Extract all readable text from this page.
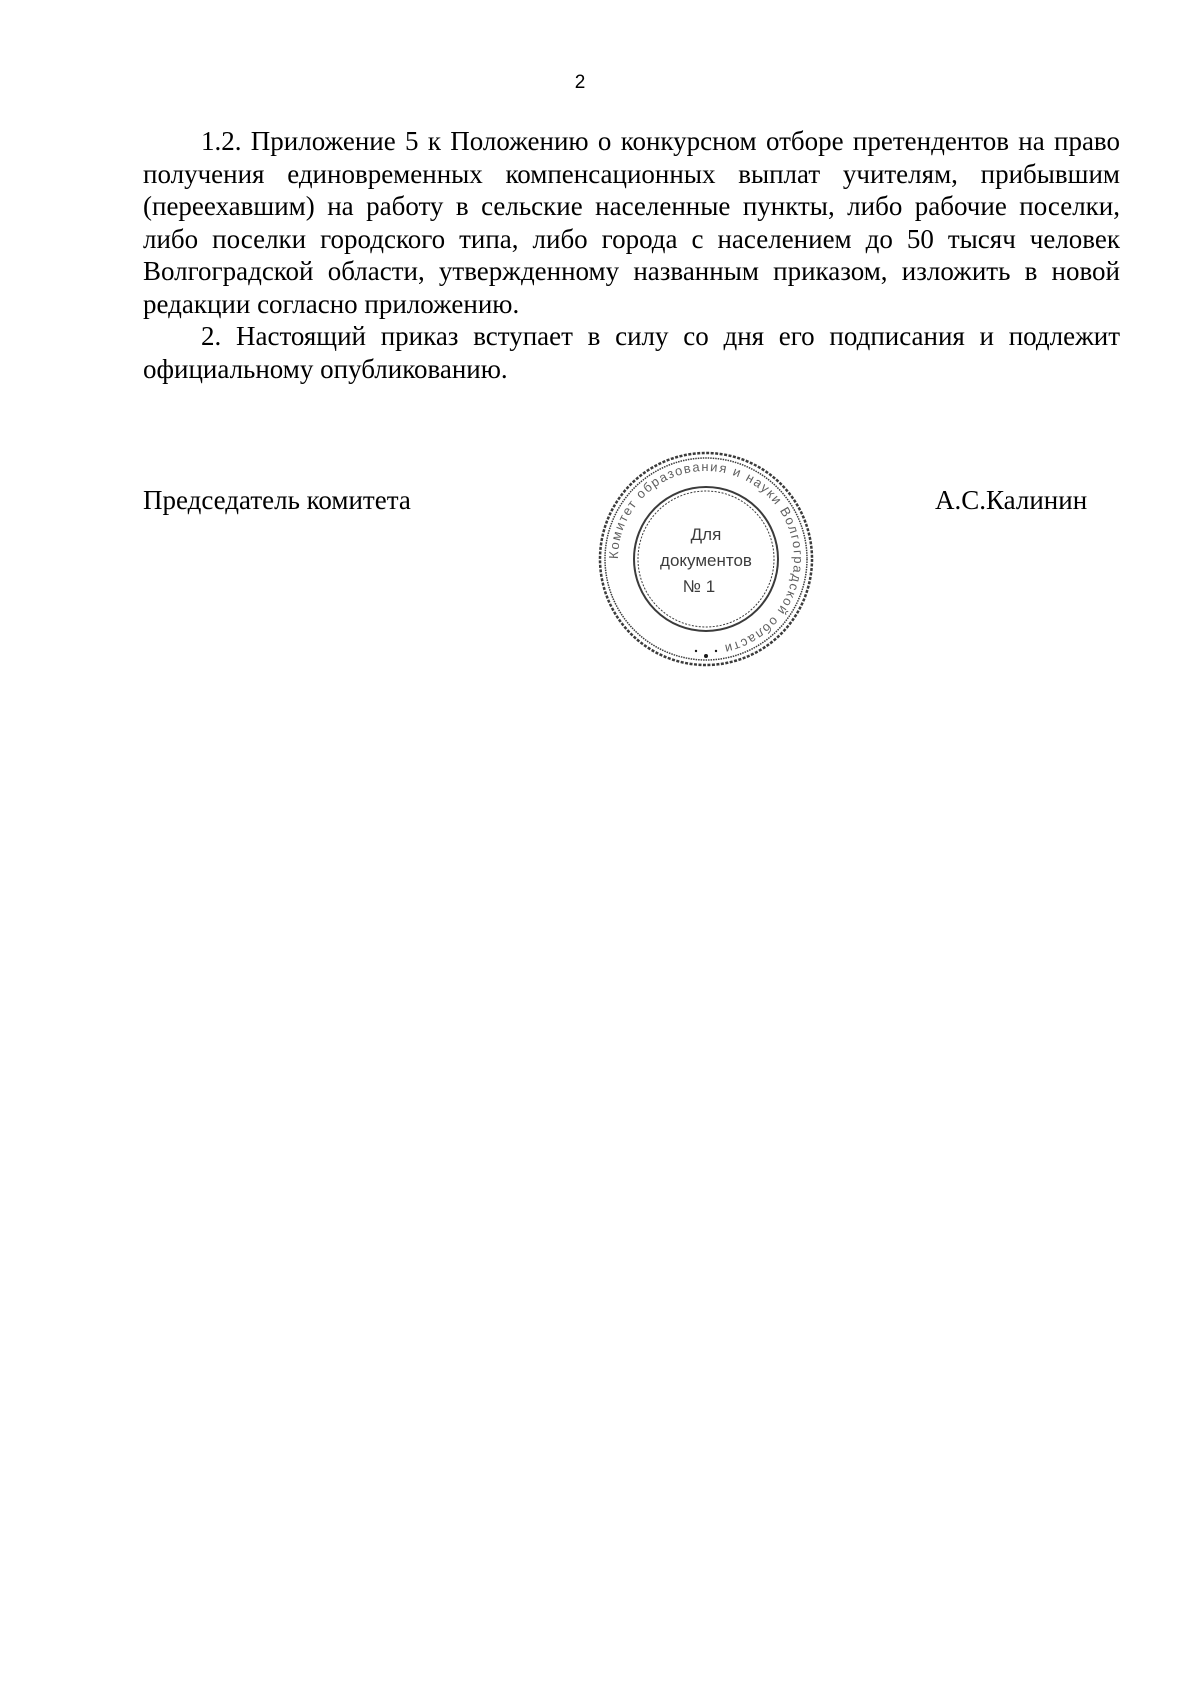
2

1.2. Приложение 5 к Положению о конкурсном отборе претендентов на право получения единовременных компенсационных выплат учителям, прибывшим (переехавшим) на работу в сельские населенные пункты, либо рабочие поселки, либо поселки городского типа, либо города с населением до 50 тысяч человек Волгоградской области, утвержденному названным приказом, изложить в новой редакции согласно приложению.

2. Настоящий приказ вступает в силу со дня его подписания и подлежит официальному опубликованию.

Председатель комитета	А.С.Калинин
Комитет образования и науки Волгоградской области
Для
документов
№ 1
